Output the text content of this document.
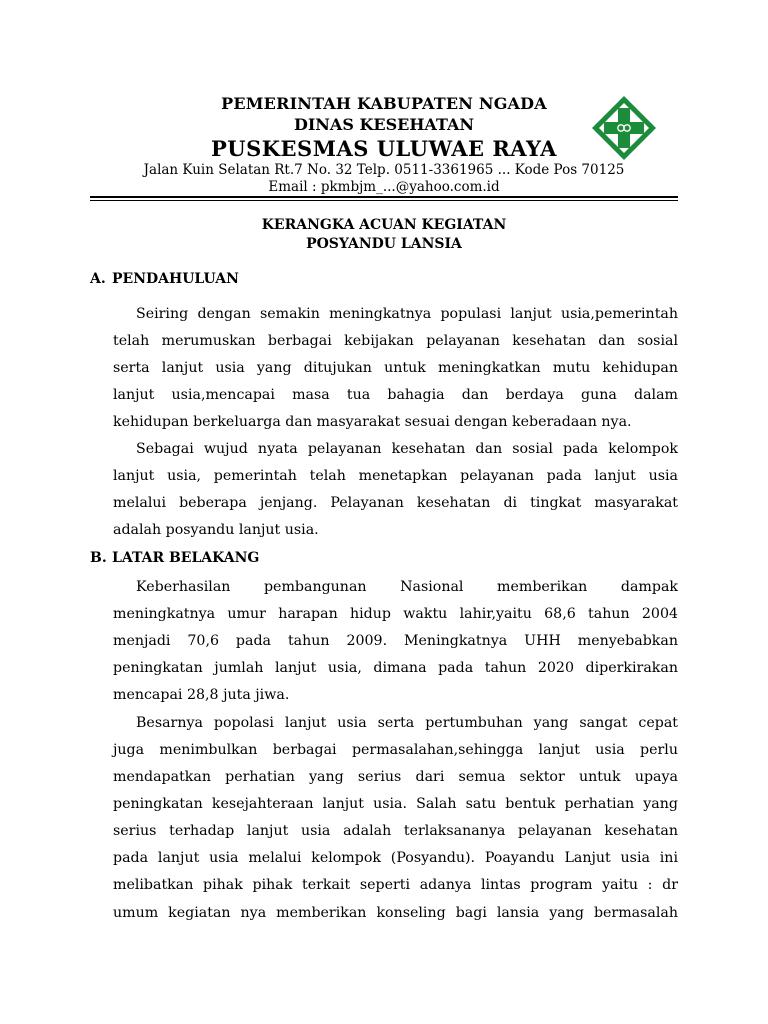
PEMERINTAH KABUPATEN NGADA
DINAS KESEHATAN
PUSKESMAS ULUWAE RAYA
Jalan Kuin Selatan Rt.7 No. 32 Telp. 0511-3361965 ... Kode Pos 70125
Email : pkmbjm_...@yahoo.com.id
KERANGKA ACUAN KEGIATAN
POSYANDU LANSIA
A. PENDAHULUAN
Seiring dengan semakin meningkatnya populasi lanjut usia,pemerintah
telah merumuskan berbagai kebijakan pelayanan kesehatan dan sosial
serta lanjut usia yang ditujukan untuk meningkatkan mutu kehidupan
lanjut usia,mencapai masa tua bahagia dan berdaya guna dalam
kehidupan berkeluarga dan masyarakat sesuai dengan keberadaan nya.
Sebagai wujud nyata pelayanan kesehatan dan sosial pada kelompok
lanjut usia, pemerintah telah menetapkan pelayanan pada lanjut usia
melalui beberapa jenjang. Pelayanan kesehatan di tingkat masyarakat
adalah posyandu lanjut usia.
B. LATAR BELAKANG
Keberhasilan pembangunan Nasional memberikan dampak
meningkatnya umur harapan hidup waktu lahir,yaitu 68,6 tahun 2004
menjadi 70,6 pada tahun 2009. Meningkatnya UHH menyebabkan
peningkatan jumlah lanjut usia, dimana pada tahun 2020 diperkirakan
mencapai 28,8 juta jiwa.
Besarnya popolasi lanjut usia serta pertumbuhan yang sangat cepat
juga menimbulkan berbagai permasalahan,sehingga lanjut usia perlu
mendapatkan perhatian yang serius dari semua sektor untuk upaya
peningkatan kesejahteraan lanjut usia. Salah satu bentuk perhatian yang
serius terhadap lanjut usia adalah terlaksananya pelayanan kesehatan
pada lanjut usia melalui kelompok (Posyandu). Poayandu Lanjut usia ini
melibatkan pihak pihak terkait seperti adanya lintas program yaitu : dr
umum kegiatan nya memberikan konseling bagi lansia yang bermasalah
